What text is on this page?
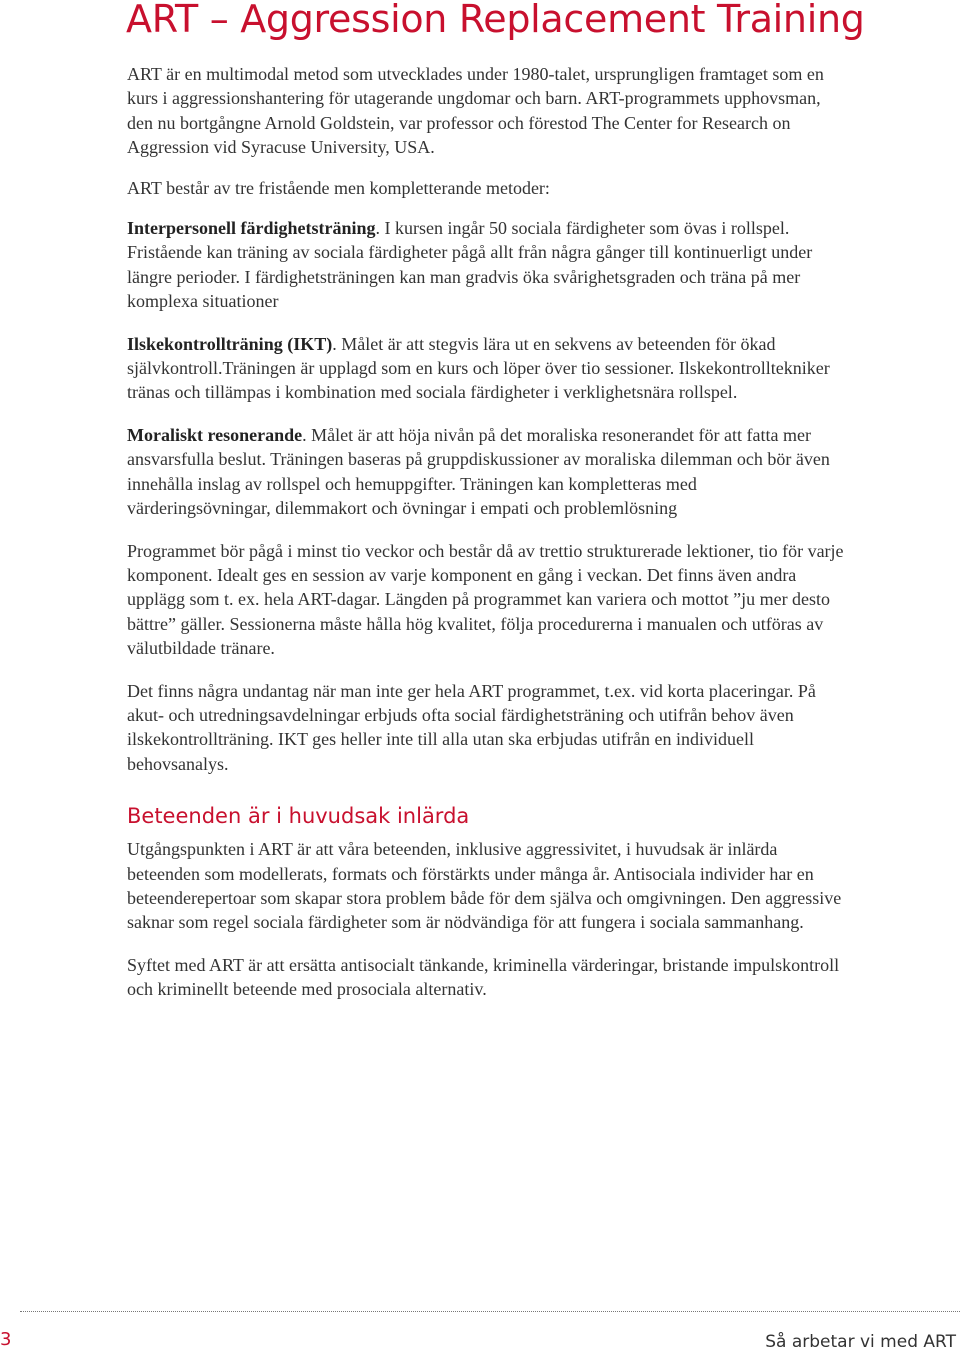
ART – Aggression Replacement Training

ART är en multimodal metod som utvecklades under 1980-talet, ursprungligen framtaget som en kurs i aggressionshantering för utagerande ungdomar och barn. ART-programmets upphovsman, den nu bortgångne Arnold Goldstein, var professor och förestod The Center for Research on Aggression vid Syracuse University, USA.

ART består av tre fristående men kompletterande metoder:

Interpersonell färdighetsträning. I kursen ingår 50 sociala färdigheter som övas i rollspel. Fristående kan träning av sociala färdigheter pågå allt från några gånger till kontinuerligt under längre perioder. I färdighetsträningen kan man gradvis öka svårighetsgraden och träna på mer komplexa situationer

Ilskekontrollträning (IKT). Målet är att stegvis lära ut en sekvens av beteenden för ökad självkontroll.Träningen är upplagd som en kurs och löper över tio sessioner. Ilskekontrolltekniker tränas och tillämpas i kombination med sociala färdigheter i verklighetsnära rollspel.

Moraliskt resonerande. Målet är att höja nivån på det moraliska resonerandet för att fatta mer ansvarsfulla beslut. Träningen baseras på gruppdiskussioner av moraliska dilemman och bör även innehålla inslag av rollspel och hemuppgifter. Träningen kan kompletteras med värderingsövningar, dilemmakort och övningar i empati och problemlösning

Programmet bör pågå i minst tio veckor och består då av trettio strukturerade lektioner, tio för varje komponent. Idealt ges en session av varje komponent en gång i veckan. Det finns även andra upplägg som t. ex. hela ART-dagar. Längden på programmet kan variera och mottot ”ju mer desto bättre” gäller. Sessionerna måste hålla hög kvalitet, följa procedurerna i manualen och utföras av välutbildade tränare.

Det finns några undantag när man inte ger hela ART programmet, t.ex. vid korta placeringar. På akut- och utredningsavdelningar erbjuds ofta social färdighetsträning och utifrån behov även ilskekontrollträning. IKT ges heller inte till alla utan ska erbjudas utifrån en individuell behovsanalys.

Beteenden är i huvudsak inlärda

Utgångspunkten i ART är att våra beteenden, inklusive aggressivitet, i huvudsak är inlärda beteenden som modellerats, formats och förstärkts under många år. Antisociala individer har en beteenderepertoar som skapar stora problem både för dem själva och omgivningen. Den aggressive saknar som regel sociala färdigheter som är nödvändiga för att fungera i sociala sammanhang.

Syftet med ART är att ersätta antisocialt tänkande, kriminella värderingar, bristande impulskontroll och kriminellt beteende med prosociala alternativ.

3	Så arbetar vi med ART
